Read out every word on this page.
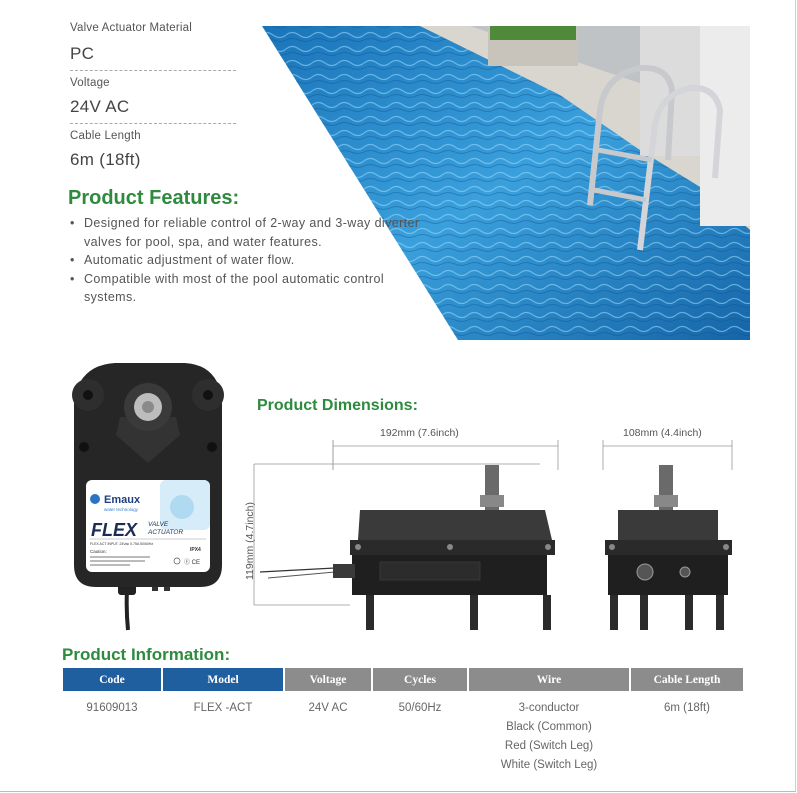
Valve Actuator Material
PC
Voltage
24V AC
Cable Length
6m (18ft)
Product Features:
• Designed for reliable control of 2-way and 3-way diverter valves for pool, spa, and water features.
• Automatic adjustment of water flow.
• Compatible with most of the pool automatic control systems.
Emaux
water technology
FLEX VALVE
ACTUATOR
FLEX ACT INPUT: 24Vac 0.75A 50/60Hz
Caution:	IPX4
Ⓔ CE
Product Dimensions:
192mm (7.6inch)	108mm (4.4inch)
119mm (4.7inch)
Product Information:
Code	Model	Voltage	Cycles	Wire	Cable Length
91609013	FLEX -ACT	24V AC	50/60Hz	3-conductor
Black (Common)
Red (Switch Leg)
White (Switch Leg)	6m (18ft)
